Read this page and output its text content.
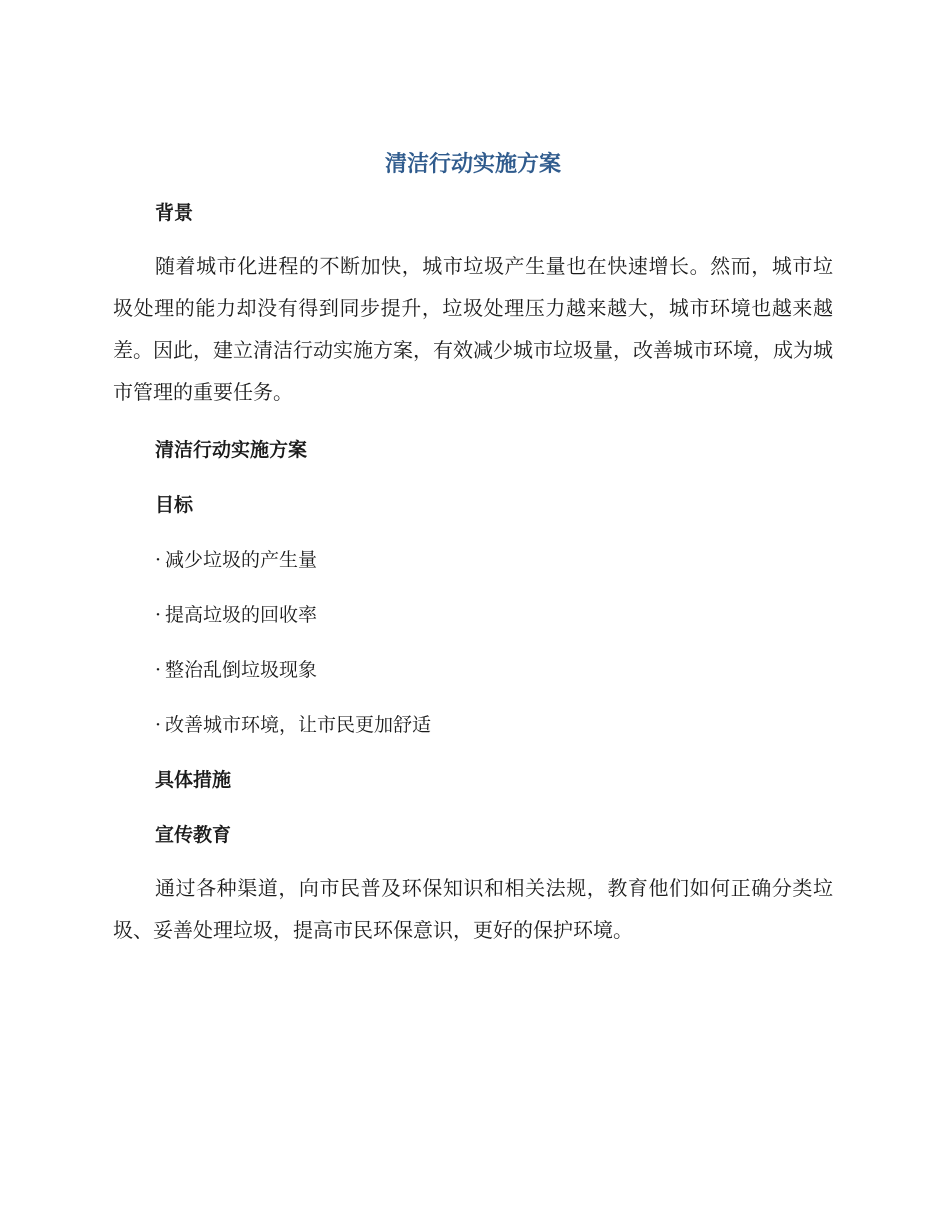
清洁行动实施方案
背景

随着城市化进程的不断加快，城市垃圾产生量也在快速增长。然而，城市垃圾处理的能力却没有得到同步提升，垃圾处理压力越来越大，城市环境也越来越差。因此，建立清洁行动实施方案，有效减少城市垃圾量，改善城市环境，成为城市管理的重要任务。

清洁行动实施方案
目标
· 减少垃圾的产生量
· 提高垃圾的回收率
· 整治乱倒垃圾现象
· 改善城市环境，让市民更加舒适
具体措施
宣传教育

通过各种渠道，向市民普及环保知识和相关法规，教育他们如何正确分类垃圾、妥善处理垃圾，提高市民环保意识，更好的保护环境。
